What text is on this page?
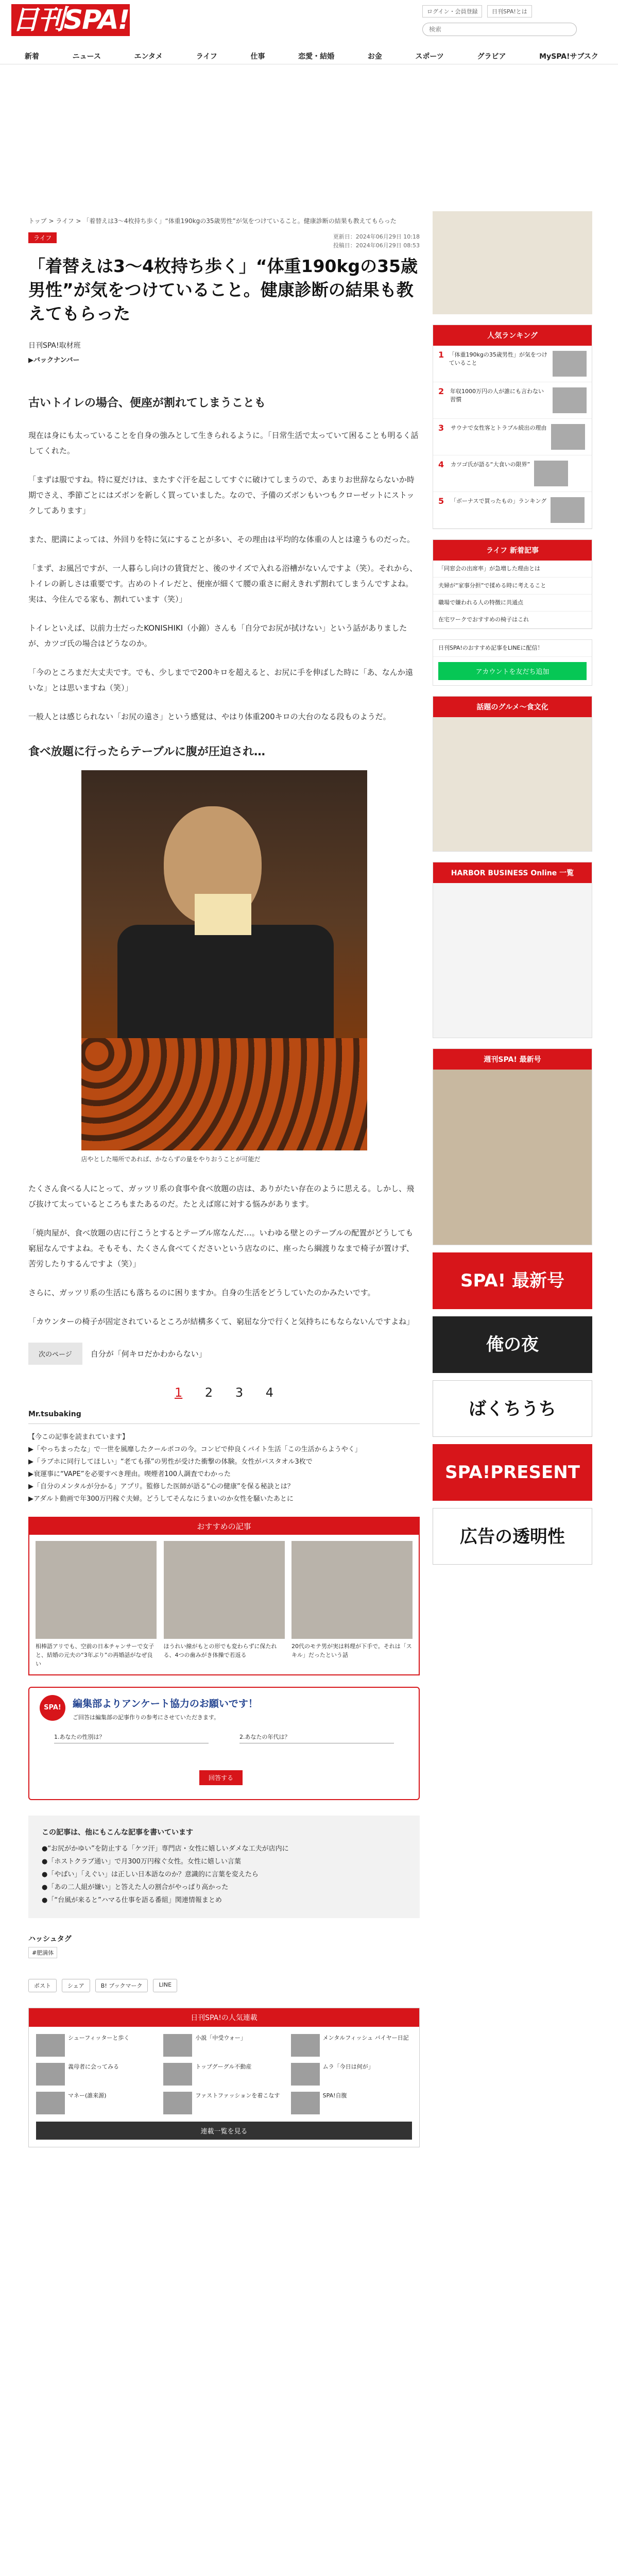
日刊SPA!	ログイン・会員登録	日刊SPA!とは
検索
新着	ニュース	エンタメ	ライフ	仕事	恋愛・結婚	お金	スポーツ	グラビア	MySPA!サブスク
トップ > ライフ > 「着替えは3～4枚持ち歩く」“体重190kgの35歳男性”が気をつけていること。健康診断の結果も教えてもらった
更新日：2024年06月29日 10:18
投稿日：2024年06月29日 08:53
ライフ
「着替えは3～4枚持ち歩く」“体重190kgの35歳男性”が気をつけていること。健康診断の結果も教えてもらった
日刊SPA!取材班
▶バックナンバー
古いトイレの場合、便座が割れてしまうことも

現在は身にも太っていることを自身の強みとして生きられるように。「日常生活で太っていて困ることも明るく話してくれた。

「まずは服ですね。特に夏だけは、またすぐ汗を起こしてすぐに破けてしまうので、あまりお世辞ならないか時期でさえ、季節ごとにはズボンを新しく買っていました。なので、予備のズボンもいつもクローゼットにストックしてあります」

また、肥満によっては、外回りを特に気にすることが多い、その理由は平均的な体重の人とは違うものだった。

「まず、お風呂ですが、一人暮らし向けの賃貸だと、後のサイズで入れる浴槽がないんですよ（笑）。それから、トイレの新しさは重要です。古めのトイレだと、便座が細くて腰の重さに耐えきれず割れてしまうんですよね。実は、今住んでる家も、割れています（笑）」

トイレといえば、以前力士だったKONISHIKI（小錦）さんも「自分でお尻が拭けない」という話がありましたが、カツゴ氏の場合はどうなのか。

「今のところまだ大丈夫です。でも、少しまでで200キロを超えると、お尻に手を伸ばした時に「あ、なんか遠いな」とは思いますね（笑）」

一般人とは感じられない「お尻の遠さ」という感覚は、やはり体重200キロの大台のなる段ものようだ。

食べ放題に行ったらテーブルに腹が圧迫され…
店やとした場所であれば、かならずの量をやりおうことが可能だ

たくさん食べる人にとって、ガッツリ系の食事や食べ放題の店は、ありがたい存在のように思える。しかし、飛び抜けて太っているところもまたあるのだ。たとえば席に対する悩みがあります。

「焼肉屋が、食べ放題の店に行こうとするとテーブル席なんだ…。いわゆる壁とのテーブルの配置がどうしても窮屈なんですよね。そもそも、たくさん食べてくださいという店なのに、座ったら綱渡りなまで椅子が置けず、苦労したりするんですよ（笑）」

さらに、ガッツリ系の生活にも落ちるのに困りますか。自身の生活をどうしていたのかみたいです。

「カウンターの椅子が固定されているところが結構多くて、窮屈な分で行くと気持ちにもならないんですよね」

次のページ	自分が「何キロだかわからない」
1 2 3 4
Mr.tsubaking
【今この記事を読まれています】
▶「やっちまったな」で一世を風靡したクールポコの今。コンビで仲良くバイト生活「この生活からようやく」
▶「ラブホに同行してほしい」“老ても孫”の男性が受けた衝撃の体験。女性がパスタオル3枚で
▶衰運事に“VAPE”を必要すべき理由。喫煙者100人調査でわかった
▶「自分のメンタルが分かる」アプリ。監修した医師が語る“心の健康”を保る秘訣とは？
▶アダルト動画で年300万円稼ぐ夫婦。どうしてそんなにうまいのか女性を騒いたあとに
おすすめの記事
相棒語アリでも、空前の日本チャンサーで女子と、結婚の元夫の“3年ぶり”の再婚話がなぜ良い
ほうれい線がもとの形でも変わらずに保たれる、4つの歯みがき体操で若返る
20代のモテ男が実は料理が下手で。それは「スキル」だったという話
SPA!	編集部よりアンケート協力のお願いです！
ご回答は編集部の記事作りの参考にさせていただきます。
1.あなたの性別は？	2.あなたの年代は？
回答する
この記事は、他にもこんな記事を書いています
●“お尻がかゆい”を防止する「ケツ汗」専門店・女性に嬉しいダメな工夫が店内に
●「ホストクラブ通い」で月300万円稼ぐ女性。女性に嬉しい言葉
●「やばい」「えぐい」は正しい日本語なのか？意識的に言葉を変えたら
●「あの二人組が嫌い」と答えた人の割合がやっぱり高かった
●「“台風が来ると”ハマる仕事を語る番組」関連情報まとめ
ハッシュタグ
#肥満体
ポスト	シェア	B! ブックマーク	LINE
日刊SPA!の人気連載
シューフィッターと歩く	小説「中受ウォー」	メンタルフィッシュ バイヤー日記
義母者に会ってみる	トップグーグル不動産	ムラ「今日は何が」
マネー(誰来源)	ファストファッションを着こなす	SPA!自腹
連載一覧を見る
人気ランキング
1 「体重190kgの35歳男性」が気をつけていること
2	年収1000万円の人が誰にも言わない習慣
3	サウナで女性客とトラブル続出の理由
4	カツゴ氏が語る“大食いの限界”
5	「ボーナスで買ったもの」ランキング
ライフ 新着記事
「同窓会の出席率」が急増した理由とは
夫婦が“家事分担”で揉める時に考えること
職場で嫌われる人の特徴に共通点
在宅ワークでおすすめの椅子はこれ
日刊SPA!のおすすめ記事をLINEに配信！
アカウントを友だち追加
話題のグルメ～食文化
HARBOR BUSINESS Online 一覧
週刊SPA! 最新号
SPA! 最新号
俺の夜
ばくちうち
SPA!PRESENT
広告の透明性
